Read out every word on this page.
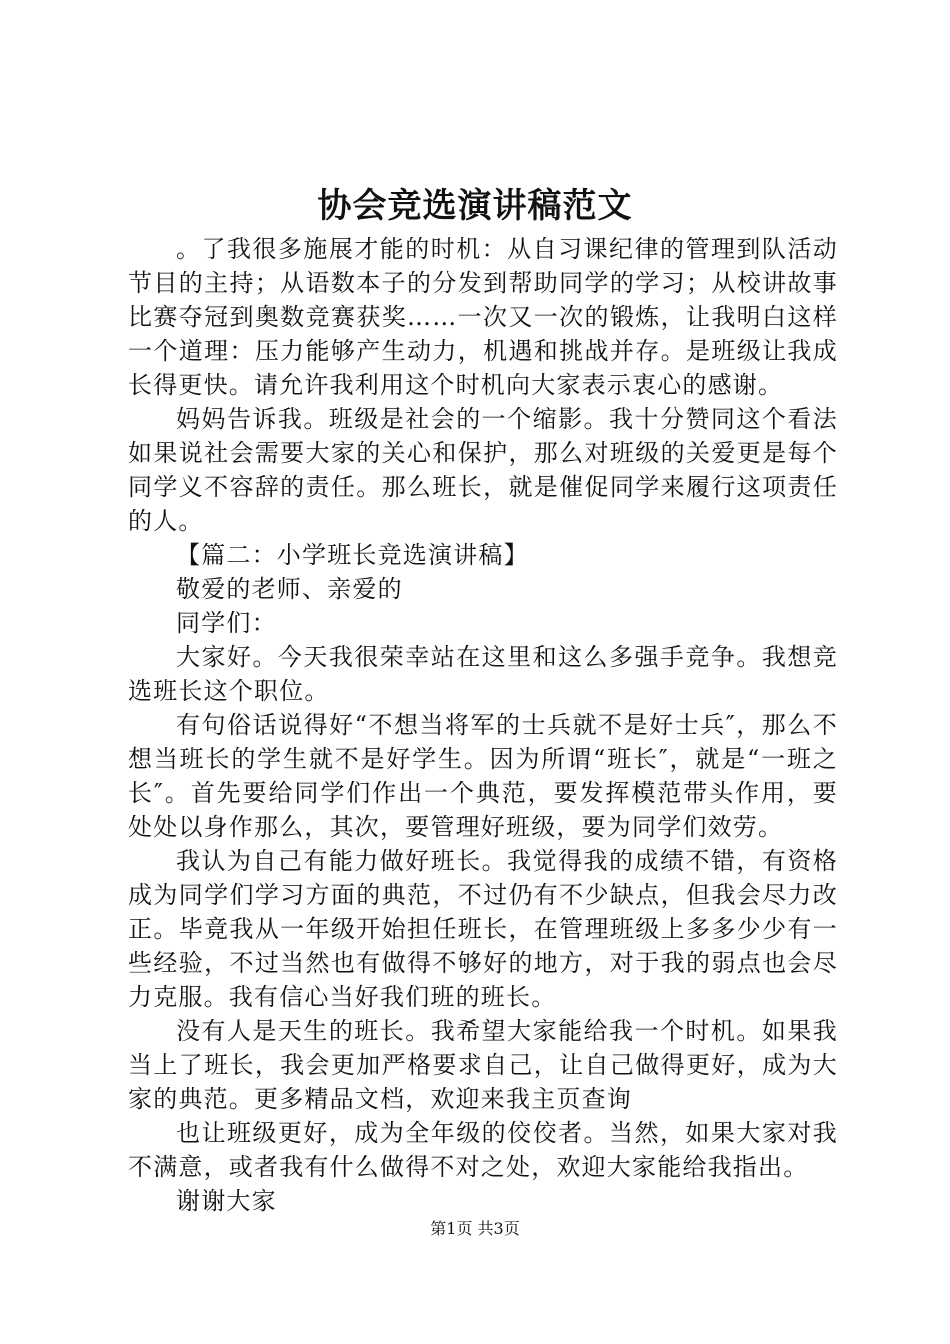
协会竞选演讲稿范文

。了我很多施展才能的时机：从自习课纪律的管理到队活动节目的主持；从语数本子的分发到帮助同学的学习；从校讲故事比赛夺冠到奥数竞赛获奖……一次又一次的锻炼，让我明白这样一个道理：压力能够产生动力，机遇和挑战并存。是班级让我成长得更快。请允许我利用这个时机向大家表示衷心的感谢。

妈妈告诉我。班级是社会的一个缩影。我十分赞同这个看法如果说社会需要大家的关心和保护，那么对班级的关爱更是每个同学义不容辞的责任。那么班长，就是催促同学来履行这项责任的人。

【篇二：小学班长竞选演讲稿】

敬爱的老师、亲爱的

同学们：

大家好。今天我很荣幸站在这里和这么多强手竞争。我想竞选班长这个职位。

有句俗话说得好“不想当将军的士兵就不是好士兵″，那么不想当班长的学生就不是好学生。因为所谓“班长″，就是“一班之长″。首先要给同学们作出一个典范，要发挥模范带头作用，要处处以身作那么，其次，要管理好班级，要为同学们效劳。

我认为自己有能力做好班长。我觉得我的成绩不错，有资格成为同学们学习方面的典范，不过仍有不少缺点，但我会尽力改正。毕竟我从一年级开始担任班长，在管理班级上多多少少有一些经验，不过当然也有做得不够好的地方，对于我的弱点也会尽力克服。我有信心当好我们班的班长。

没有人是天生的班长。我希望大家能给我一个时机。如果我当上了班长，我会更加严格要求自己，让自己做得更好，成为大家的典范。更多精品文档，欢迎来我主页查询

也让班级更好，成为全年级的佼佼者。当然，如果大家对我不满意，或者我有什么做得不对之处，欢迎大家能给我指出。

谢谢大家

第1页 共3页
